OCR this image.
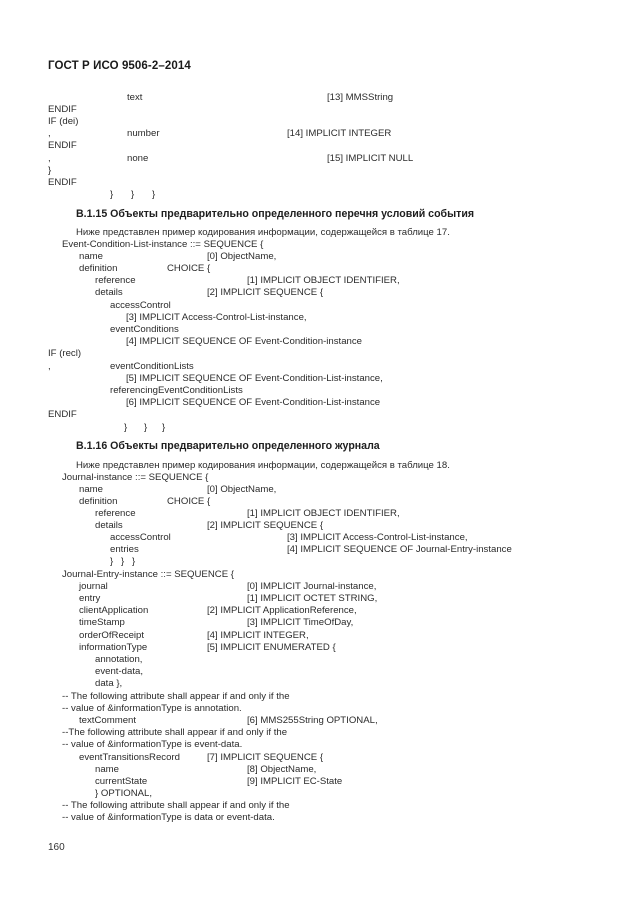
ГОСТ Р ИСО 9506-2–2014
B.1.15 Объекты предварительно определенного перечня условий события
B.1.16 Объекты предварительно определенного журнала
text	[13] MMSString
ENDIF
IF (dei)
,	number	[14] IMPLICIT INTEGER
ENDIF
,	none	[15] IMPLICIT NULL
}
ENDIF
} } }
Ниже представлен пример кодирования информации, содержащейся в таблице 17.
Event-Condition-List-instance ::= SEQUENCE {
name	[0] ObjectName,
definition	CHOICE {
reference	[1] IMPLICIT OBJECT IDENTIFIER,
details	[2] IMPLICIT SEQUENCE {
accessControl
[3] IMPLICIT Access-Control-List-instance,
eventConditions
[4] IMPLICIT SEQUENCE OF Event-Condition-instance
IF (recl)
,	eventConditionLists
[5] IMPLICIT SEQUENCE OF Event-Condition-List-instance,
referencingEventConditionLists
[6] IMPLICIT SEQUENCE OF Event-Condition-List-instance
ENDIF
} } }
Ниже представлен пример кодирования информации, содержащейся в таблице 18.
Journal-instance ::= SEQUENCE {
name	[0] ObjectName,
definition	CHOICE {
reference	[1] IMPLICIT OBJECT IDENTIFIER,
details	[2] IMPLICIT SEQUENCE {
accessControl	[3] IMPLICIT Access-Control-List-instance,
entries	[4] IMPLICIT SEQUENCE OF Journal-Entry-instance
} } }
Journal-Entry-instance ::= SEQUENCE {
journal	[0] IMPLICIT Journal-instance,
entry	[1] IMPLICIT OCTET STRING,
clientApplication	[2] IMPLICIT ApplicationReference,
timeStamp	[3] IMPLICIT TimeOfDay,
orderOfReceipt	[4] IMPLICIT INTEGER,
informationType	[5] IMPLICIT ENUMERATED {
annotation,
event-data,
data },
-- The following attribute shall appear if and only if the
-- value of &informationType is annotation.
textComment	[6] MMS255String OPTIONAL,
--The following attribute shall appear if and only if the
-- value of &informationType is event-data.
eventTransitionsRecord	[7] IMPLICIT SEQUENCE {
name	[8] ObjectName,
currentState	[9] IMPLICIT EC-State
} OPTIONAL,
-- The following attribute shall appear if and only if the
-- value of &informationType is data or event-data.
160
